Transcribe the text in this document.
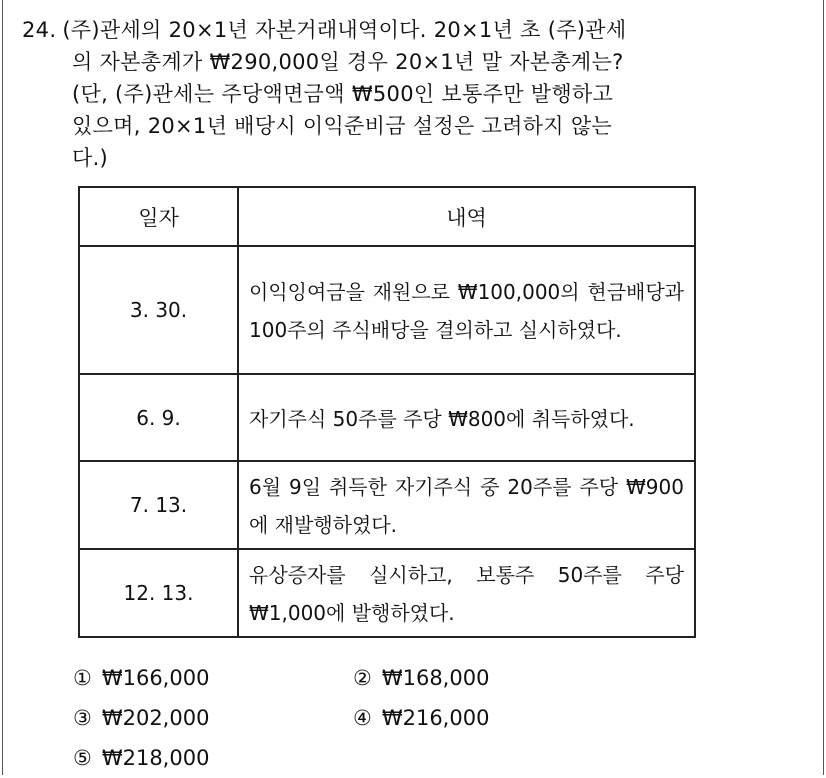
24. (주)관세의 20×1년 자본거래내역이다. 20×1년 초 (주)관세
의 자본총계가 ₩290,000일 경우 20×1년 말 자본총계는?
(단, (주)관세는 주당액면금액 ₩500인 보통주만 발행하고
있으며, 20×1년 배당시 이익준비금 설정은 고려하지 않는
다.)
일자	내역
3. 30.	이익잉여금을 재원으로 ₩100,000의 현금배당과 100주의 주식배당을 결의하고 실시하였다.
6. 9.	자기주식 50주를 주당 ₩800에 취득하였다.
7. 13.	6월 9일 취득한 자기주식 중 20주를 주당 ₩900에 재발행하였다.
12. 13.	유상증자를 실시하고, 보통주 50주를 주당 ₩1,000에 발행하였다.
① ₩166,000	② ₩168,000
③ ₩202,000	④ ₩216,000
⑤ ₩218,000
